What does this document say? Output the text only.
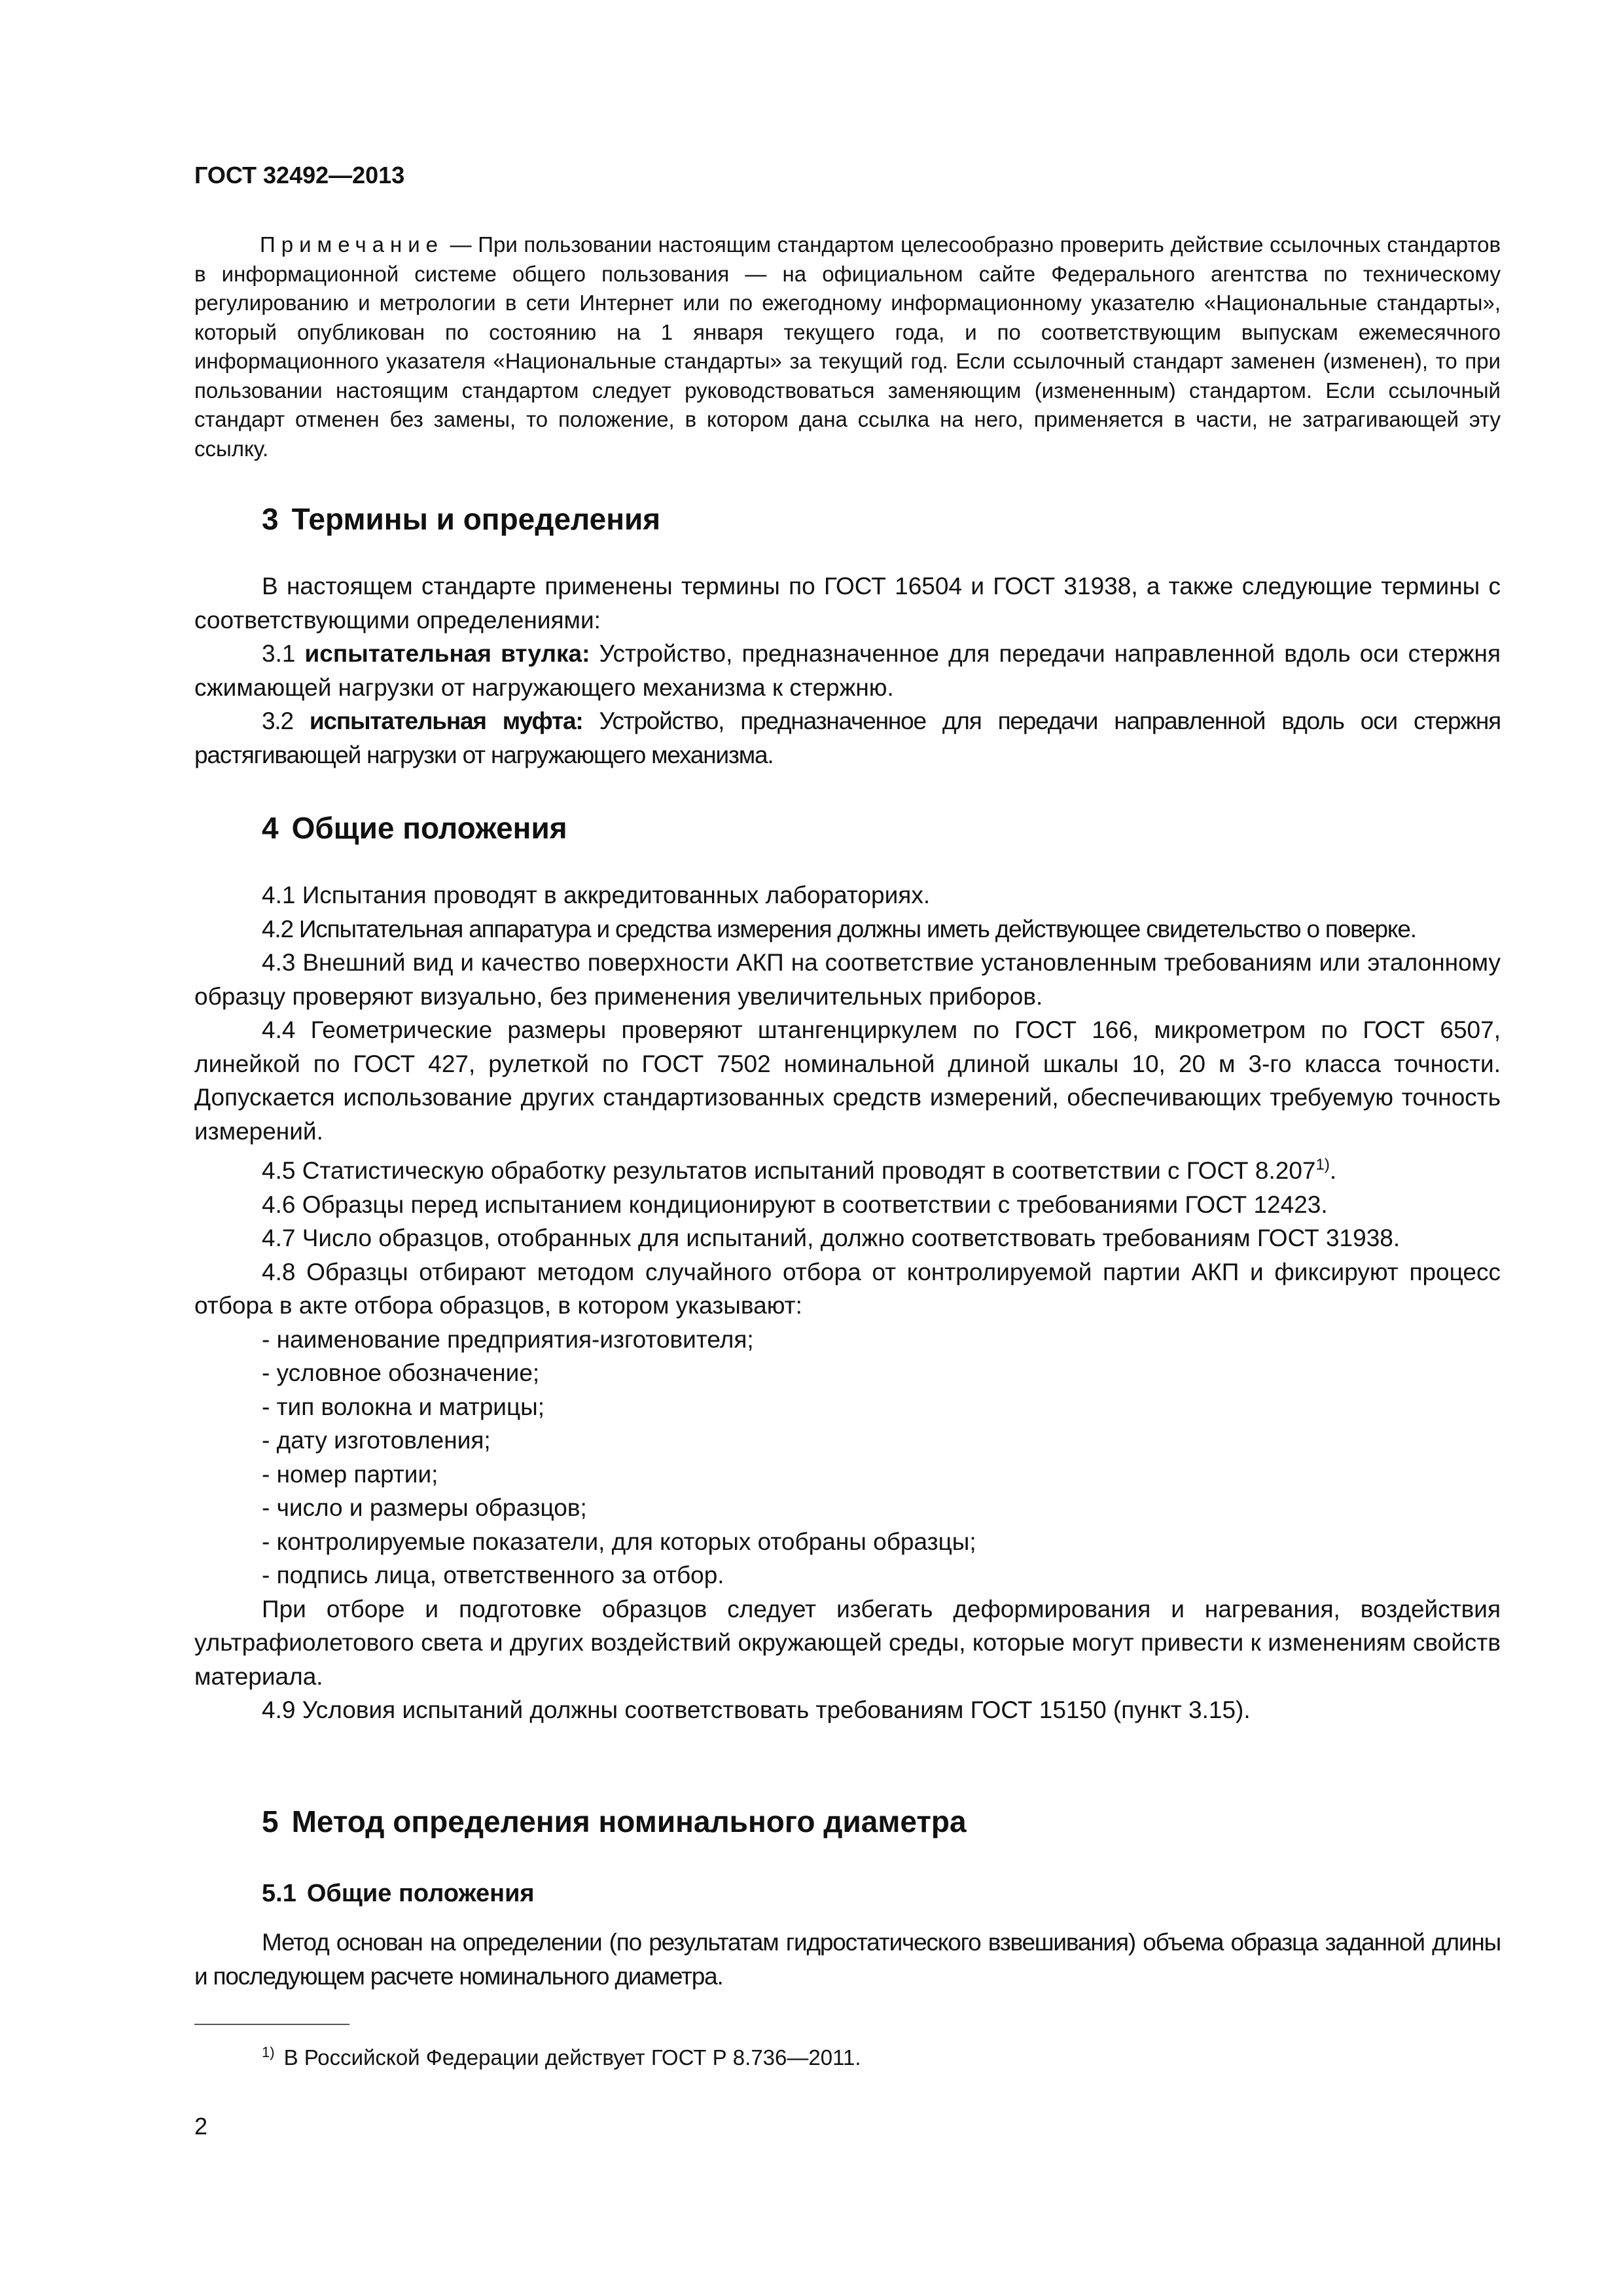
ГОСТ 32492—2013

Примечание — При пользовании настоящим стандартом целесообразно проверить действие ссылочных стандартов в информационной системе общего пользования — на официальном сайте Федерального агентства по техническому регулированию и метрологии в сети Интернет или по ежегодному информационному указателю «Национальные стандарты», который опубликован по состоянию на 1 января текущего года, и по соответствующим выпускам ежемесячного информационного указателя «Национальные стандарты» за текущий год. Если ссылочный стандарт заменен (изменен), то при пользовании настоящим стандартом следует руководствоваться заменяющим (измененным) стандартом. Если ссылочный стандарт отменен без замены, то положение, в котором дана ссылка на него, применяется в части, не затрагивающей эту ссылку.

3 Термины и определения

В настоящем стандарте применены термины по ГОСТ 16504 и ГОСТ 31938, а также следующие термины с соответствующими определениями:

3.1 испытательная втулка: Устройство, предназначенное для передачи направленной вдоль оси стержня сжимающей нагрузки от нагружающего механизма к стержню.

3.2 испытательная муфта: Устройство, предназначенное для передачи направленной вдоль оси стержня растягивающей нагрузки от нагружающего механизма.

4 Общие положения

4.1 Испытания проводят в аккредитованных лабораториях.

4.2 Испытательная аппаратура и средства измерения должны иметь действующее свидетельство о поверке.

4.3 Внешний вид и качество поверхности АКП на соответствие установленным требованиям или эталонному образцу проверяют визуально, без применения увеличительных приборов.

4.4 Геометрические размеры проверяют штангенциркулем по ГОСТ 166, микрометром по ГОСТ 6507, линейкой по ГОСТ 427, рулеткой по ГОСТ 7502 номинальной длиной шкалы 10, 20 м 3-го класса точности. Допускается использование других стандартизованных средств измерений, обеспечивающих требуемую точность измерений.

4.5 Статистическую обработку результатов испытаний проводят в соответствии с ГОСТ 8.207$^{1)}$.

4.6 Образцы перед испытанием кондиционируют в соответствии с требованиями ГОСТ 12423.

4.7 Число образцов, отобранных для испытаний, должно соответствовать требованиям ГОСТ 31938.

4.8 Образцы отбирают методом случайного отбора от контролируемой партии АКП и фиксируют процесс отбора в акте отбора образцов, в котором указывают:

- наименование предприятия-изготовителя;

- условное обозначение;

- тип волокна и матрицы;

- дату изготовления;

- номер партии;

- число и размеры образцов;

- контролируемые показатели, для которых отобраны образцы;

- подпись лица, ответственного за отбор.

При отборе и подготовке образцов следует избегать деформирования и нагревания, воздействия ультрафиолетового света и других воздействий окружающей среды, которые могут привести к изменениям свойств материала.

4.9 Условия испытаний должны соответствовать требованиям ГОСТ 15150 (пункт 3.15).

5 Метод определения номинального диаметра
5.1 Общие положения

Метод основан на определении (по результатам гидростатического взвешивания) объема образца заданной длины и последующем расчете номинального диаметра.

$^{1)}$ В Российской Федерации действует ГОСТ Р 8.736—2011.
2
